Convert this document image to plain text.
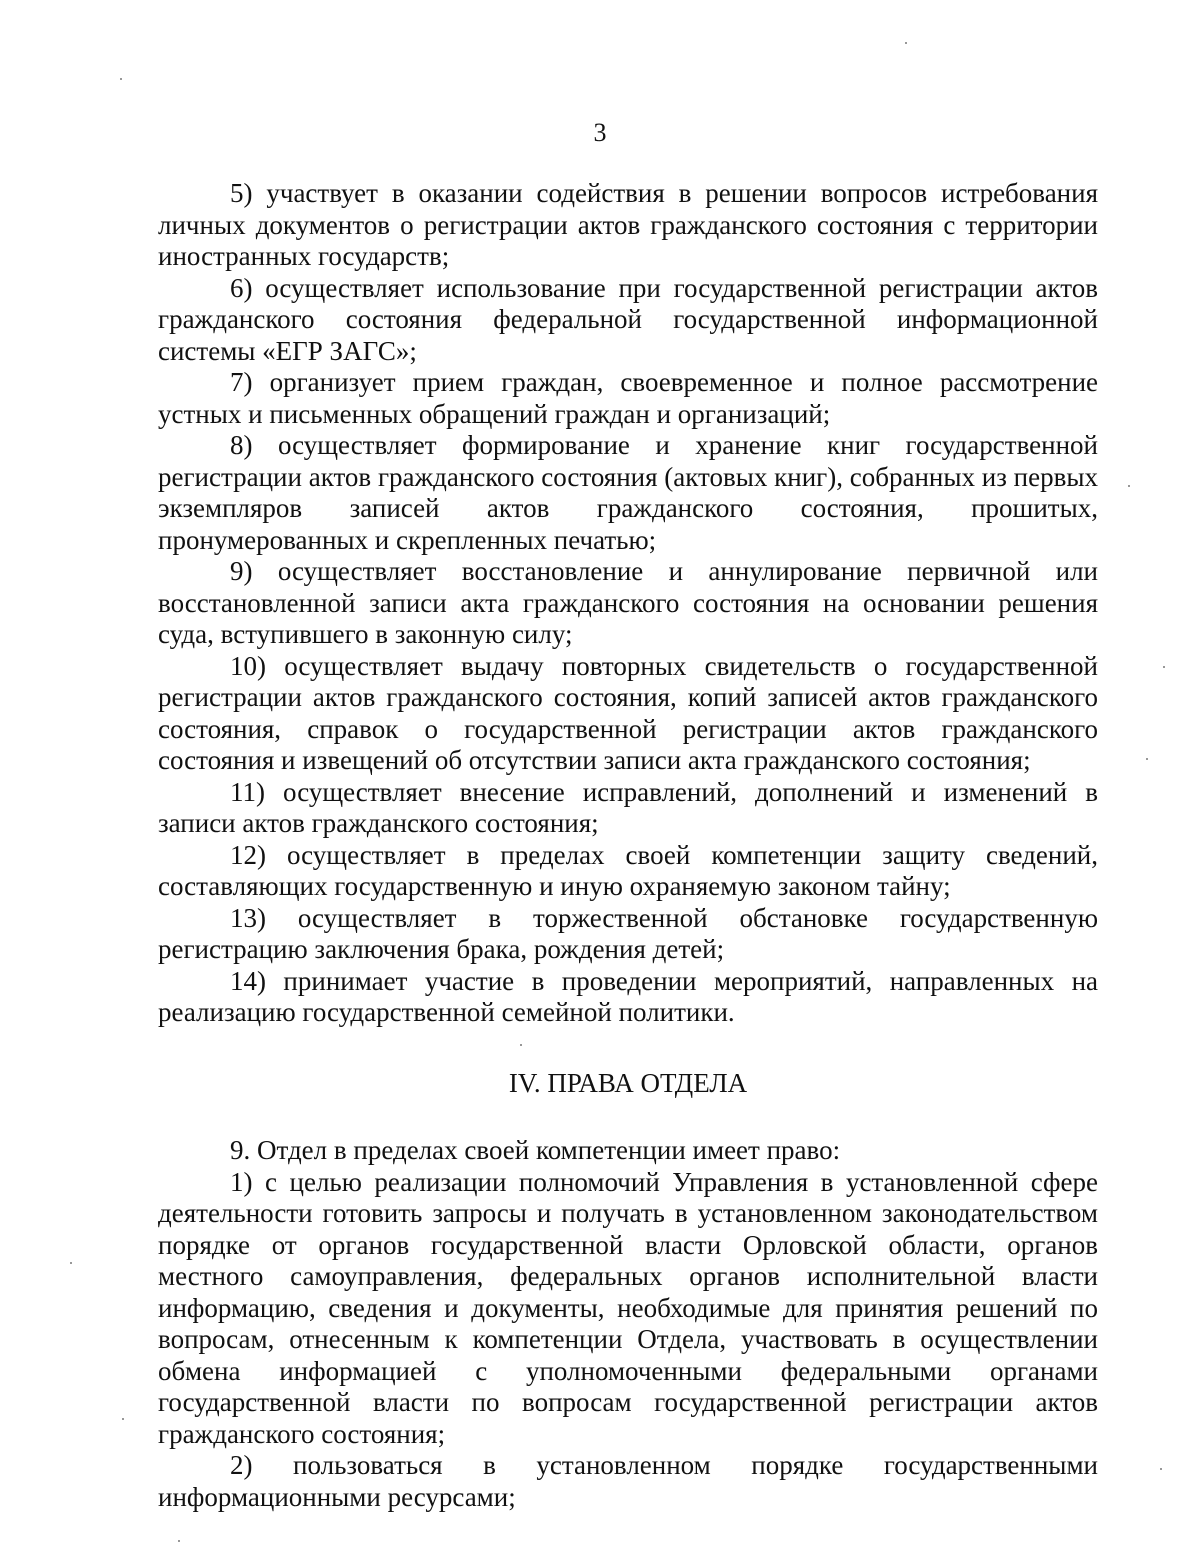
3

5) участвует в оказании содействия в решении вопросов истребования личных документов о регистрации актов гражданского состояния с территории иностранных государств;

6) осуществляет использование при государственной регистрации актов гражданского состояния федеральной государственной информационной системы «ЕГР ЗАГС»;

7) организует прием граждан, своевременное и полное рассмотрение устных и письменных обращений граждан и организаций;

8) осуществляет формирование и хранение книг государственной регистрации актов гражданского состояния (актовых книг), собранных из первых экземпляров записей актов гражданского состояния, прошитых, пронумерованных и скрепленных печатью;

9) осуществляет восстановление и аннулирование первичной или восстановленной записи акта гражданского состояния на основании решения суда, вступившего в законную силу;

10) осуществляет выдачу повторных свидетельств о государственной регистрации актов гражданского состояния, копий записей актов гражданского состояния, справок о государственной регистрации актов гражданского состояния и извещений об отсутствии записи акта гражданского состояния;

11) осуществляет внесение исправлений, дополнений и изменений в записи актов гражданского состояния;

12) осуществляет в пределах своей компетенции защиту сведений, составляющих государственную и иную охраняемую законом тайну;

13) осуществляет в торжественной обстановке государственную регистрацию заключения брака, рождения детей;

14) принимает участие в проведении мероприятий, направленных на реализацию государственной семейной политики.

IV. ПРАВА ОТДЕЛА

9. Отдел в пределах своей компетенции имеет право:

1) с целью реализации полномочий Управления в установленной сфере деятельности готовить запросы и получать в установленном законодательством порядке от органов государственной власти Орловской области, органов местного самоуправления, федеральных органов исполнительной власти информацию, сведения и документы, необходимые для принятия решений по вопросам, отнесенным к компетенции Отдела, участвовать в осуществлении обмена информацией с уполномоченными федеральными органами государственной власти по вопросам государственной регистрации актов гражданского состояния;

2) пользоваться в установленном порядке государственными информационными ресурсами;
